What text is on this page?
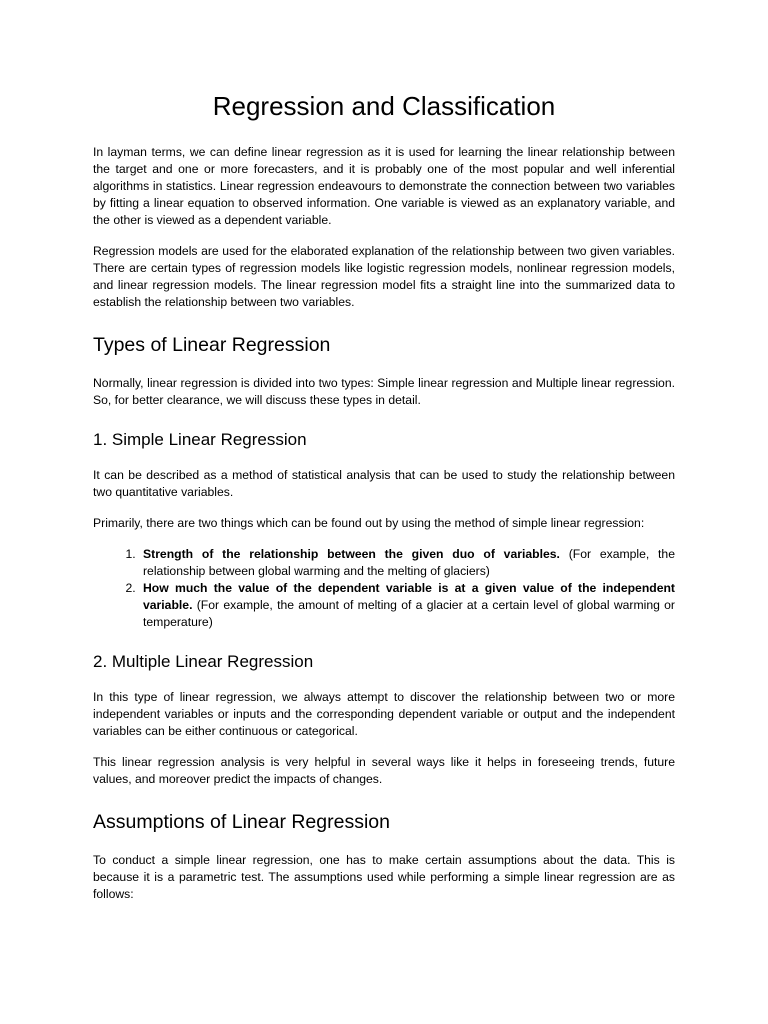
Regression and Classification

In layman terms, we can define linear regression as it is used for learning the linear relationship between the target and one or more forecasters, and it is probably one of the most popular and well inferential algorithms in statistics. Linear regression endeavours to demonstrate the connection between two variables by fitting a linear equation to observed information. One variable is viewed as an explanatory variable, and the other is viewed as a dependent variable.

Regression models are used for the elaborated explanation of the relationship between two given variables. There are certain types of regression models like logistic regression models, nonlinear regression models, and linear regression models. The linear regression model fits a straight line into the summarized data to establish the relationship between two variables.

Types of Linear Regression

Normally, linear regression is divided into two types: Simple linear regression and Multiple linear regression. So, for better clearance, we will discuss these types in detail.

1. Simple Linear Regression

It can be described as a method of statistical analysis that can be used to study the relationship between two quantitative variables.

Primarily, there are two things which can be found out by using the method of simple linear regression:

1. Strength of the relationship between the given duo of variables. (For example, the relationship between global warming and the melting of glaciers)
2. How much the value of the dependent variable is at a given value of the independent variable. (For example, the amount of melting of a glacier at a certain level of global warming or temperature)
2. Multiple Linear Regression

In this type of linear regression, we always attempt to discover the relationship between two or more independent variables or inputs and the corresponding dependent variable or output and the independent variables can be either continuous or categorical.

This linear regression analysis is very helpful in several ways like it helps in foreseeing trends, future values, and moreover predict the impacts of changes.

Assumptions of Linear Regression

To conduct a simple linear regression, one has to make certain assumptions about the data. This is because it is a parametric test. The assumptions used while performing a simple linear regression are as follows:
